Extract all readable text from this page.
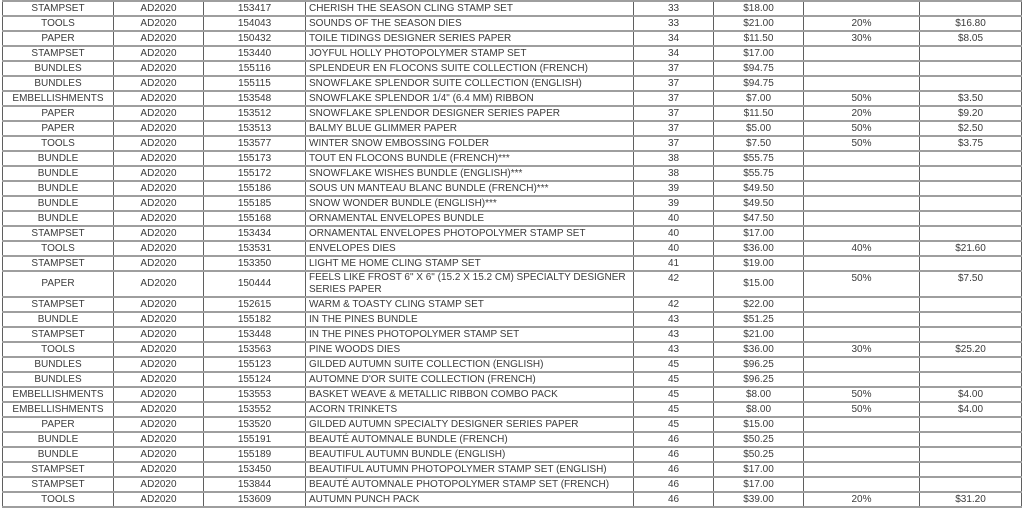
STAMPSET	AD2020	153417	CHERISH THE SEASON CLING STAMP SET	33	$18.00		
TOOLS	AD2020	154043	SOUNDS OF THE SEASON DIES	33	$21.00	20%	$16.80
PAPER	AD2020	150432	TOILE TIDINGS DESIGNER SERIES PAPER	34	$11.50	30%	$8.05
STAMPSET	AD2020	153440	JOYFUL HOLLY PHOTOPOLYMER STAMP SET	34	$17.00		
BUNDLES	AD2020	155116	SPLENDEUR EN FLOCONS SUITE COLLECTION (FRENCH)	37	$94.75		
BUNDLES	AD2020	155115	SNOWFLAKE SPLENDOR SUITE COLLECTION (ENGLISH)	37	$94.75		
EMBELLISHMENTS	AD2020	153548	SNOWFLAKE SPLENDOR 1/4" (6.4 MM) RIBBON	37	$7.00	50%	$3.50
PAPER	AD2020	153512	SNOWFLAKE SPLENDOR DESIGNER SERIES PAPER	37	$11.50	20%	$9.20
PAPER	AD2020	153513	BALMY BLUE GLIMMER PAPER	37	$5.00	50%	$2.50
TOOLS	AD2020	153577	WINTER SNOW EMBOSSING FOLDER	37	$7.50	50%	$3.75
BUNDLE	AD2020	155173	TOUT EN FLOCONS BUNDLE (FRENCH)***	38	$55.75		
BUNDLE	AD2020	155172	SNOWFLAKE WISHES BUNDLE (ENGLISH)***	38	$55.75		
BUNDLE	AD2020	155186	SOUS UN MANTEAU BLANC BUNDLE (FRENCH)***	39	$49.50		
BUNDLE	AD2020	155185	SNOW WONDER BUNDLE (ENGLISH)***	39	$49.50		
BUNDLE	AD2020	155168	ORNAMENTAL ENVELOPES BUNDLE	40	$47.50		
STAMPSET	AD2020	153434	ORNAMENTAL ENVELOPES PHOTOPOLYMER STAMP SET	40	$17.00		
TOOLS	AD2020	153531	ENVELOPES DIES	40	$36.00	40%	$21.60
STAMPSET	AD2020	153350	LIGHT ME HOME CLING STAMP SET	41	$19.00		
PAPER	AD2020	150444	FEELS LIKE FROST 6" X 6" (15.2 X 15.2 CM) SPECIALTY DESIGNER SERIES PAPER	42	$15.00	50%	$7.50
STAMPSET	AD2020	152615	WARM & TOASTY CLING STAMP SET	42	$22.00		
BUNDLE	AD2020	155182	IN THE PINES BUNDLE	43	$51.25		
STAMPSET	AD2020	153448	IN THE PINES PHOTOPOLYMER STAMP SET	43	$21.00		
TOOLS	AD2020	153563	PINE WOODS DIES	43	$36.00	30%	$25.20
BUNDLES	AD2020	155123	GILDED AUTUMN SUITE COLLECTION (ENGLISH)	45	$96.25		
BUNDLES	AD2020	155124	AUTOMNE D'OR SUITE COLLECTION (FRENCH)	45	$96.25		
EMBELLISHMENTS	AD2020	153553	BASKET WEAVE & METALLIC RIBBON COMBO PACK	45	$8.00	50%	$4.00
EMBELLISHMENTS	AD2020	153552	ACORN TRINKETS	45	$8.00	50%	$4.00
PAPER	AD2020	153520	GILDED AUTUMN SPECIALTY DESIGNER SERIES PAPER	45	$15.00		
BUNDLE	AD2020	155191	BEAUTÉ AUTOMNALE BUNDLE (FRENCH)	46	$50.25		
BUNDLE	AD2020	155189	BEAUTIFUL AUTUMN BUNDLE (ENGLISH)	46	$50.25		
STAMPSET	AD2020	153450	BEAUTIFUL AUTUMN PHOTOPOLYMER STAMP SET (ENGLISH)	46	$17.00		
STAMPSET	AD2020	153844	BEAUTÉ AUTOMNALE PHOTOPOLYMER STAMP SET (FRENCH)	46	$17.00		
TOOLS	AD2020	153609	AUTUMN PUNCH PACK	46	$39.00	20%	$31.20
